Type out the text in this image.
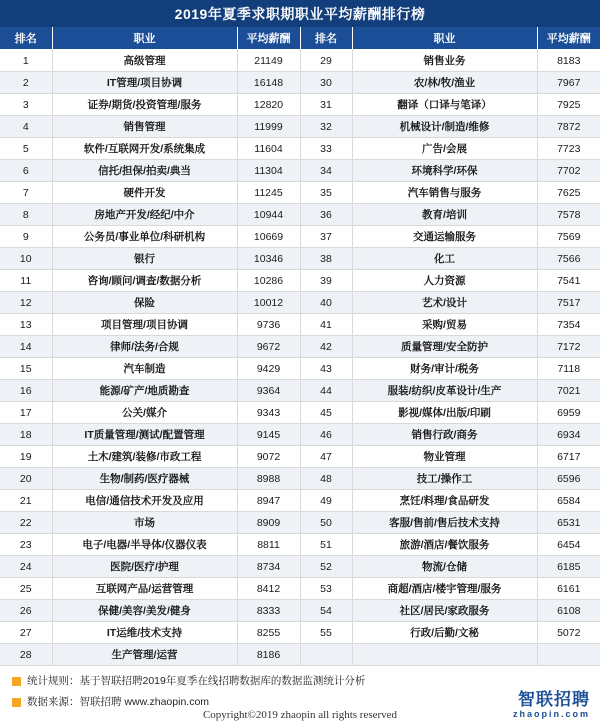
2019年夏季求职期职业平均薪酬排行榜
排名	职业	平均薪酬	排名	职业	平均薪酬
1	高级管理	21149	29	销售业务	8183
2	IT管理/项目协调	16148	30	农/林/牧/渔业	7967
3	证券/期货/投资管理/服务	12820	31	翻译（口译与笔译）	7925
4	销售管理	11999	32	机械设计/制造/维修	7872
5	软件/互联网开发/系统集成	11604	33	广告/会展	7723
6	信托/担保/拍卖/典当	11304	34	环境科学/环保	7702
7	硬件开发	11245	35	汽车销售与服务	7625
8	房地产开发/经纪/中介	10944	36	教育/培训	7578
9	公务员/事业单位/科研机构	10669	37	交通运输服务	7569
10	银行	10346	38	化工	7566
11	咨询/顾问/调查/数据分析	10286	39	人力资源	7541
12	保险	10012	40	艺术/设计	7517
13	项目管理/项目协调	9736	41	采购/贸易	7354
14	律师/法务/合规	9672	42	质量管理/安全防护	7172
15	汽车制造	9429	43	财务/审计/税务	7118
16	能源/矿产/地质勘查	9364	44	服装/纺织/皮革设计/生产	7021
17	公关/媒介	9343	45	影视/媒体/出版/印刷	6959
18	IT质量管理/测试/配置管理	9145	46	销售行政/商务	6934
19	土木/建筑/装修/市政工程	9072	47	物业管理	6717
20	生物/制药/医疗器械	8988	48	技工/操作工	6596
21	电信/通信技术开发及应用	8947	49	烹饪/料理/食品研发	6584
22	市场	8909	50	客服/售前/售后技术支持	6531
23	电子/电器/半导体/仪器仪表	8811	51	旅游/酒店/餐饮服务	6454
24	医院/医疗/护理	8734	52	物流/仓储	6185
25	互联网产品/运营管理	8412	53	商超/酒店/楼宇管理/服务	6161
26	保健/美容/美发/健身	8333	54	社区/居民/家政服务	6108
27	IT运维/技术支持	8255	55	行政/后勤/文秘	5072
28	生产管理/运营	8186			
统计规则：基于智联招聘2019年夏季在线招聘数据库的数据监测统计分析
数据来源：智联招聘 www.zhaopin.com	智联招聘
zhaopin.com
Copyright©2019 zhaopin all rights reserved
